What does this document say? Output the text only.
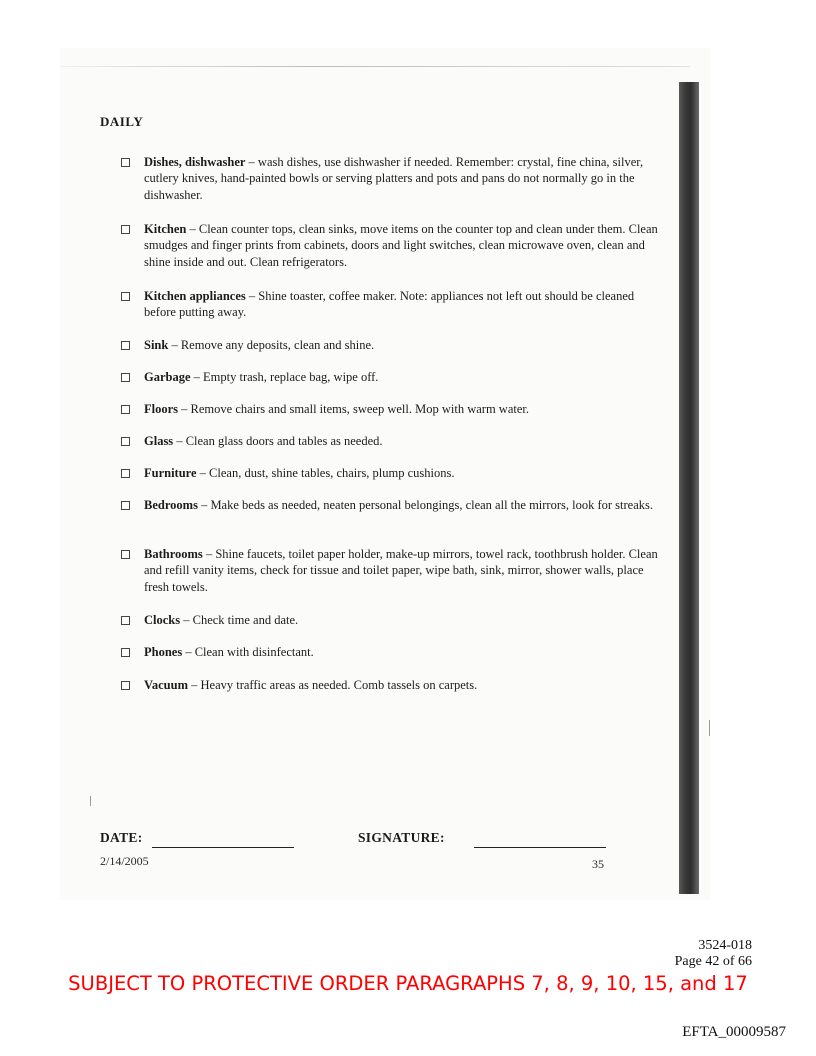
DAILY
Dishes, dishwasher – wash dishes, use dishwasher if needed. Remember: crystal, fine china, silver, cutlery knives, hand-painted bowls or serving platters and pots and pans do not normally go in the dishwasher.
Kitchen – Clean counter tops, clean sinks, move items on the counter top and clean under them. Clean smudges and finger prints from cabinets, doors and light switches, clean microwave oven, clean and shine inside and out. Clean refrigerators.
Kitchen appliances – Shine toaster, coffee maker. Note: appliances not left out should be cleaned before putting away.
Sink – Remove any deposits, clean and shine.
Garbage – Empty trash, replace bag, wipe off.
Floors – Remove chairs and small items, sweep well. Mop with warm water.
Glass – Clean glass doors and tables as needed.
Furniture – Clean, dust, shine tables, chairs, plump cushions.
Bedrooms – Make beds as needed, neaten personal belongings, clean all the mirrors, look for streaks.
Bathrooms – Shine faucets, toilet paper holder, make-up mirrors, towel rack, toothbrush holder. Clean and refill vanity items, check for tissue and toilet paper, wipe bath, sink, mirror, shower walls, place fresh towels.
Clocks – Check time and date.
Phones – Clean with disinfectant.
Vacuum – Heavy traffic areas as needed. Comb tassels on carpets.
DATE:	SIGNATURE:
2/14/2005	35
3524-018
Page 42 of 66
SUBJECT TO PROTECTIVE ORDER PARAGRAPHS 7, 8, 9, 10, 15, and 17
EFTA_00009587
